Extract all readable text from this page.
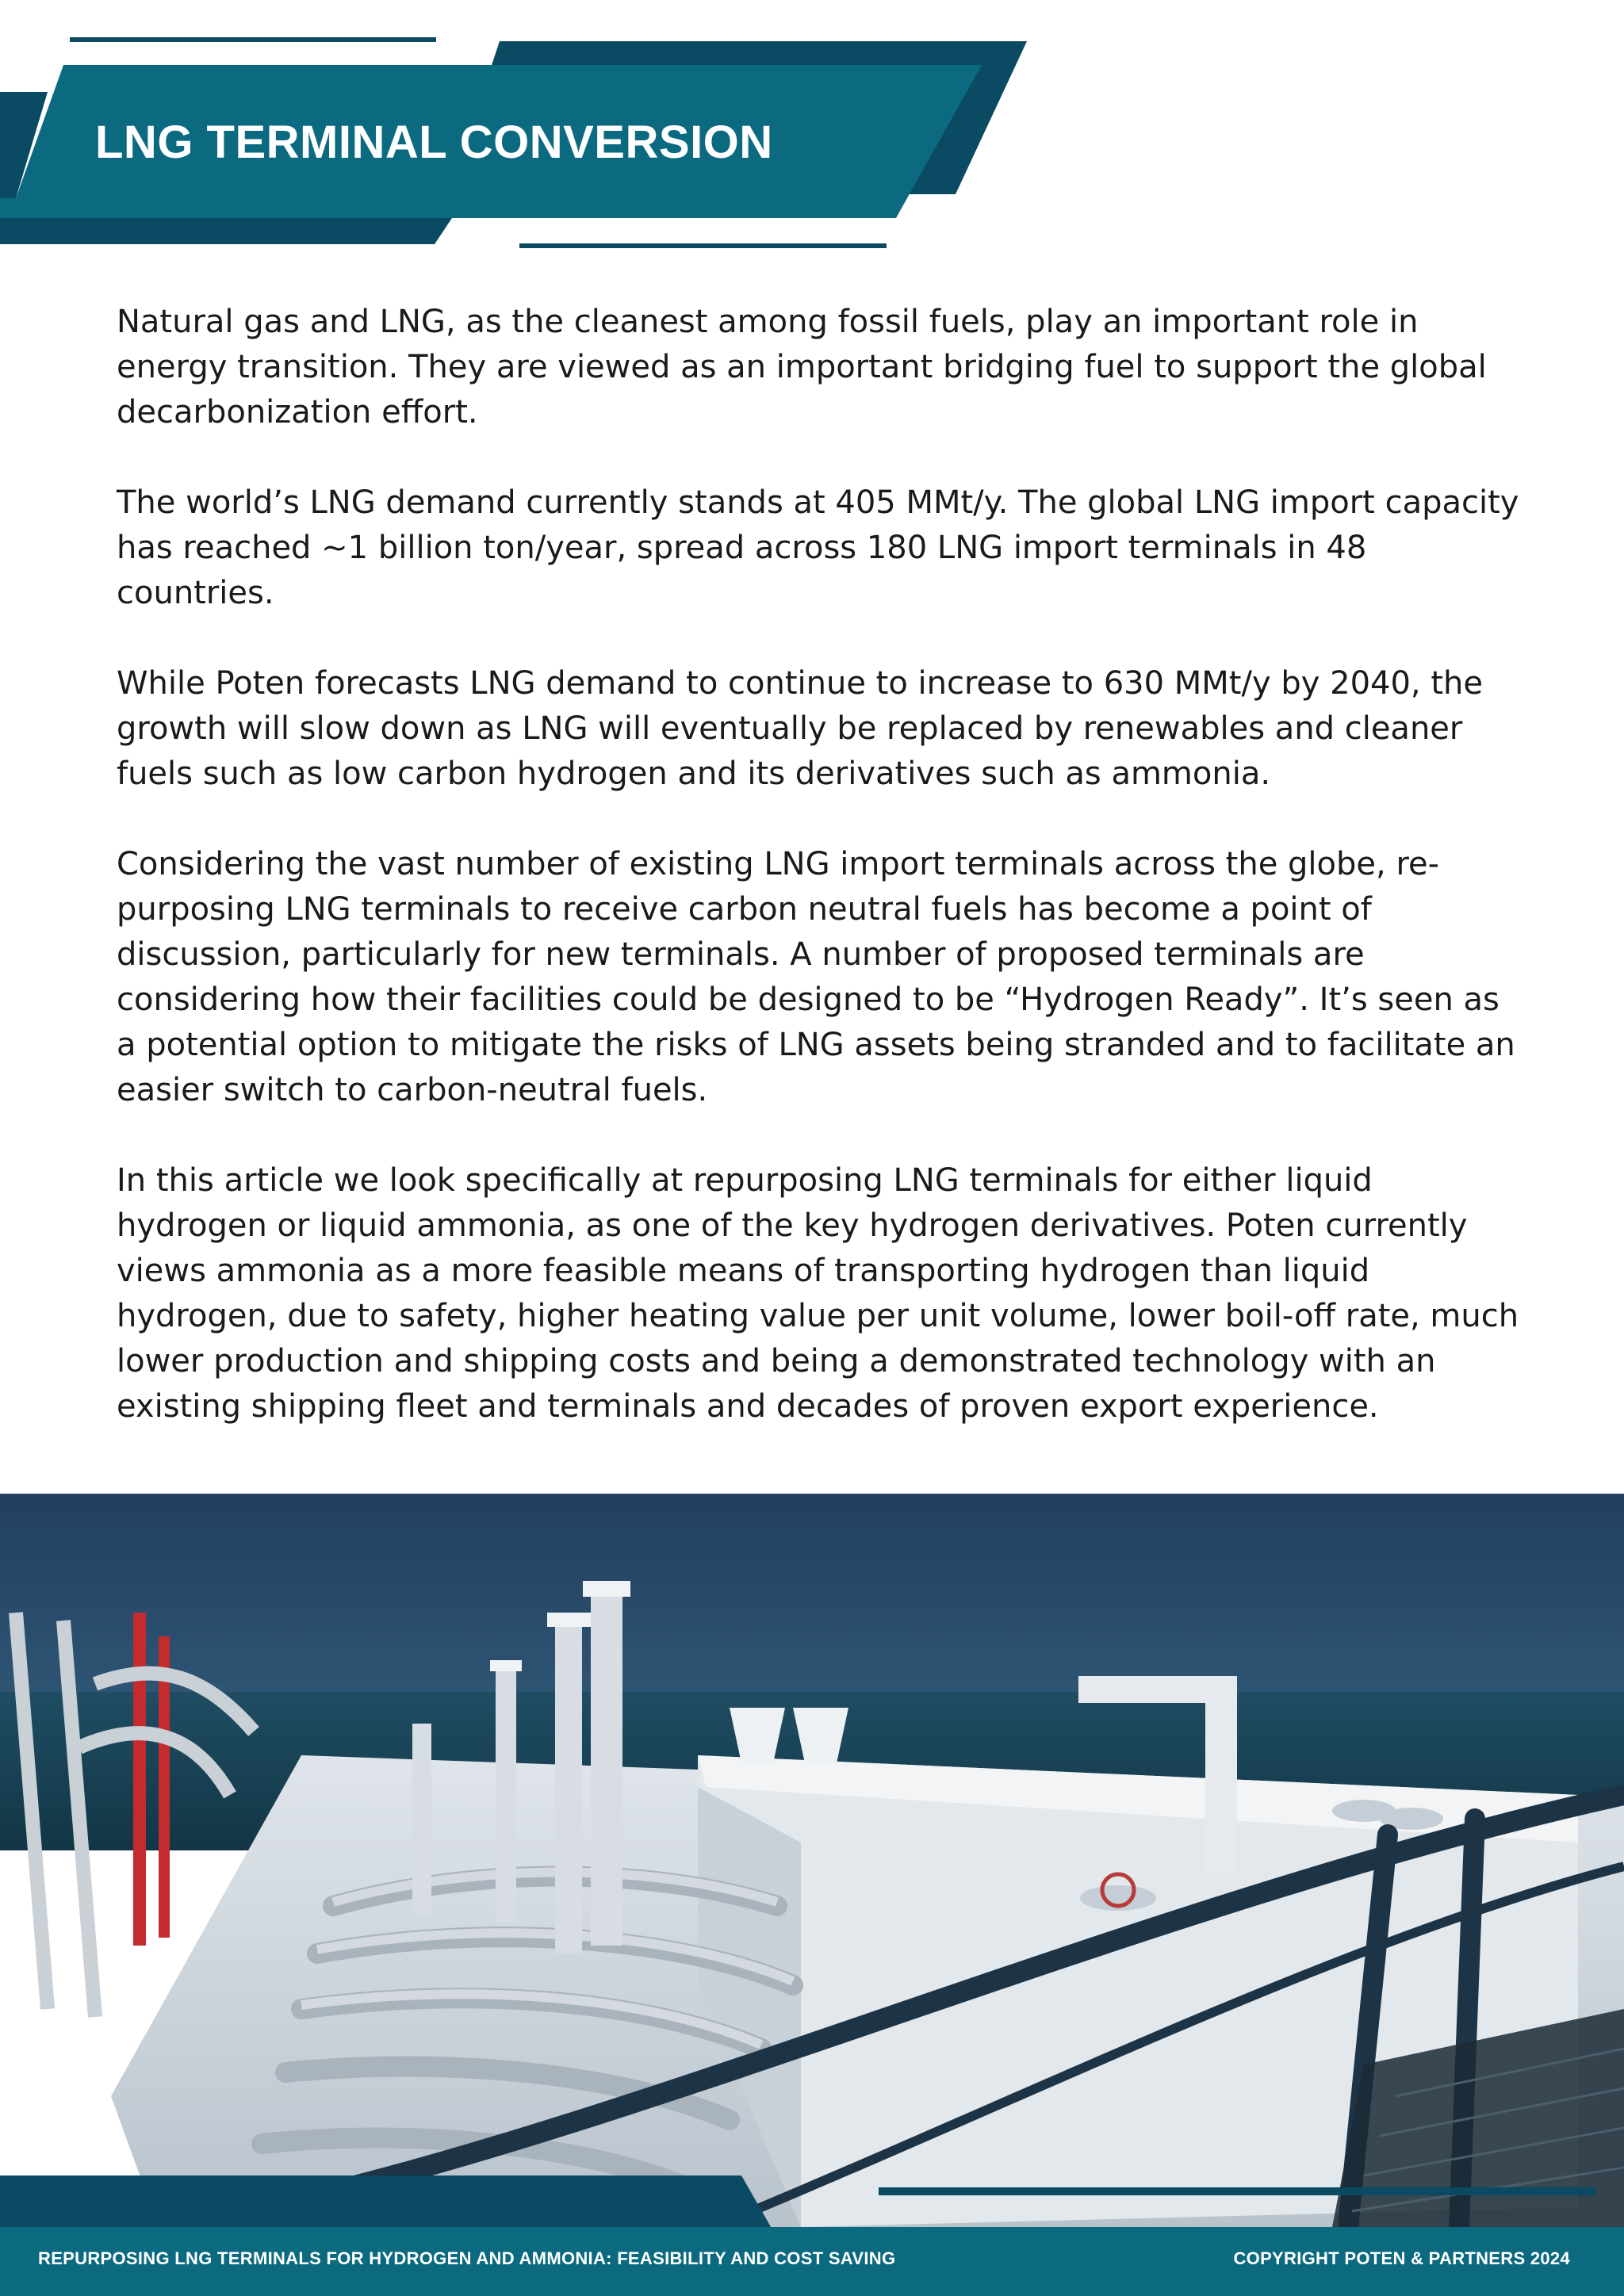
LNG TERMINAL CONVERSION

Natural gas and LNG, as the cleanest among fossil fuels, play an important role in energy transition. They are viewed as an important bridging fuel to support the global decarbonization effort.

The world’s LNG demand currently stands at 405 MMt/y. The global LNG import capacity has reached ~1 billion ton/year, spread across 180 LNG import terminals in 48 countries.

While Poten forecasts LNG demand to continue to increase to 630 MMt/y by 2040, the growth will slow down as LNG will eventually be replaced by renewables and cleaner fuels such as low carbon hydrogen and its derivatives such as ammonia.

Considering the vast number of existing LNG import terminals across the globe, re-purposing LNG terminals to receive carbon neutral fuels has become a point of discussion, particularly for new terminals. A number of proposed terminals are considering how their facilities could be designed to be “Hydrogen Ready”. It’s seen as a potential option to mitigate the risks of LNG assets being stranded and to facilitate an easier switch to carbon-neutral fuels.

In this article we look specifically at repurposing LNG terminals for either liquid hydrogen or liquid ammonia, as one of the key hydrogen derivatives. Poten currently views ammonia as a more feasible means of transporting hydrogen than liquid hydrogen, due to safety, higher heating value per unit volume, lower boil-off rate, much lower production and shipping costs and being a demonstrated technology with an existing shipping fleet and terminals and decades of proven export experience.

REPURPOSING LNG TERMINALS FOR HYDROGEN AND AMMONIA: FEASIBILITY AND COST SAVING	COPYRIGHT POTEN & PARTNERS 2024
